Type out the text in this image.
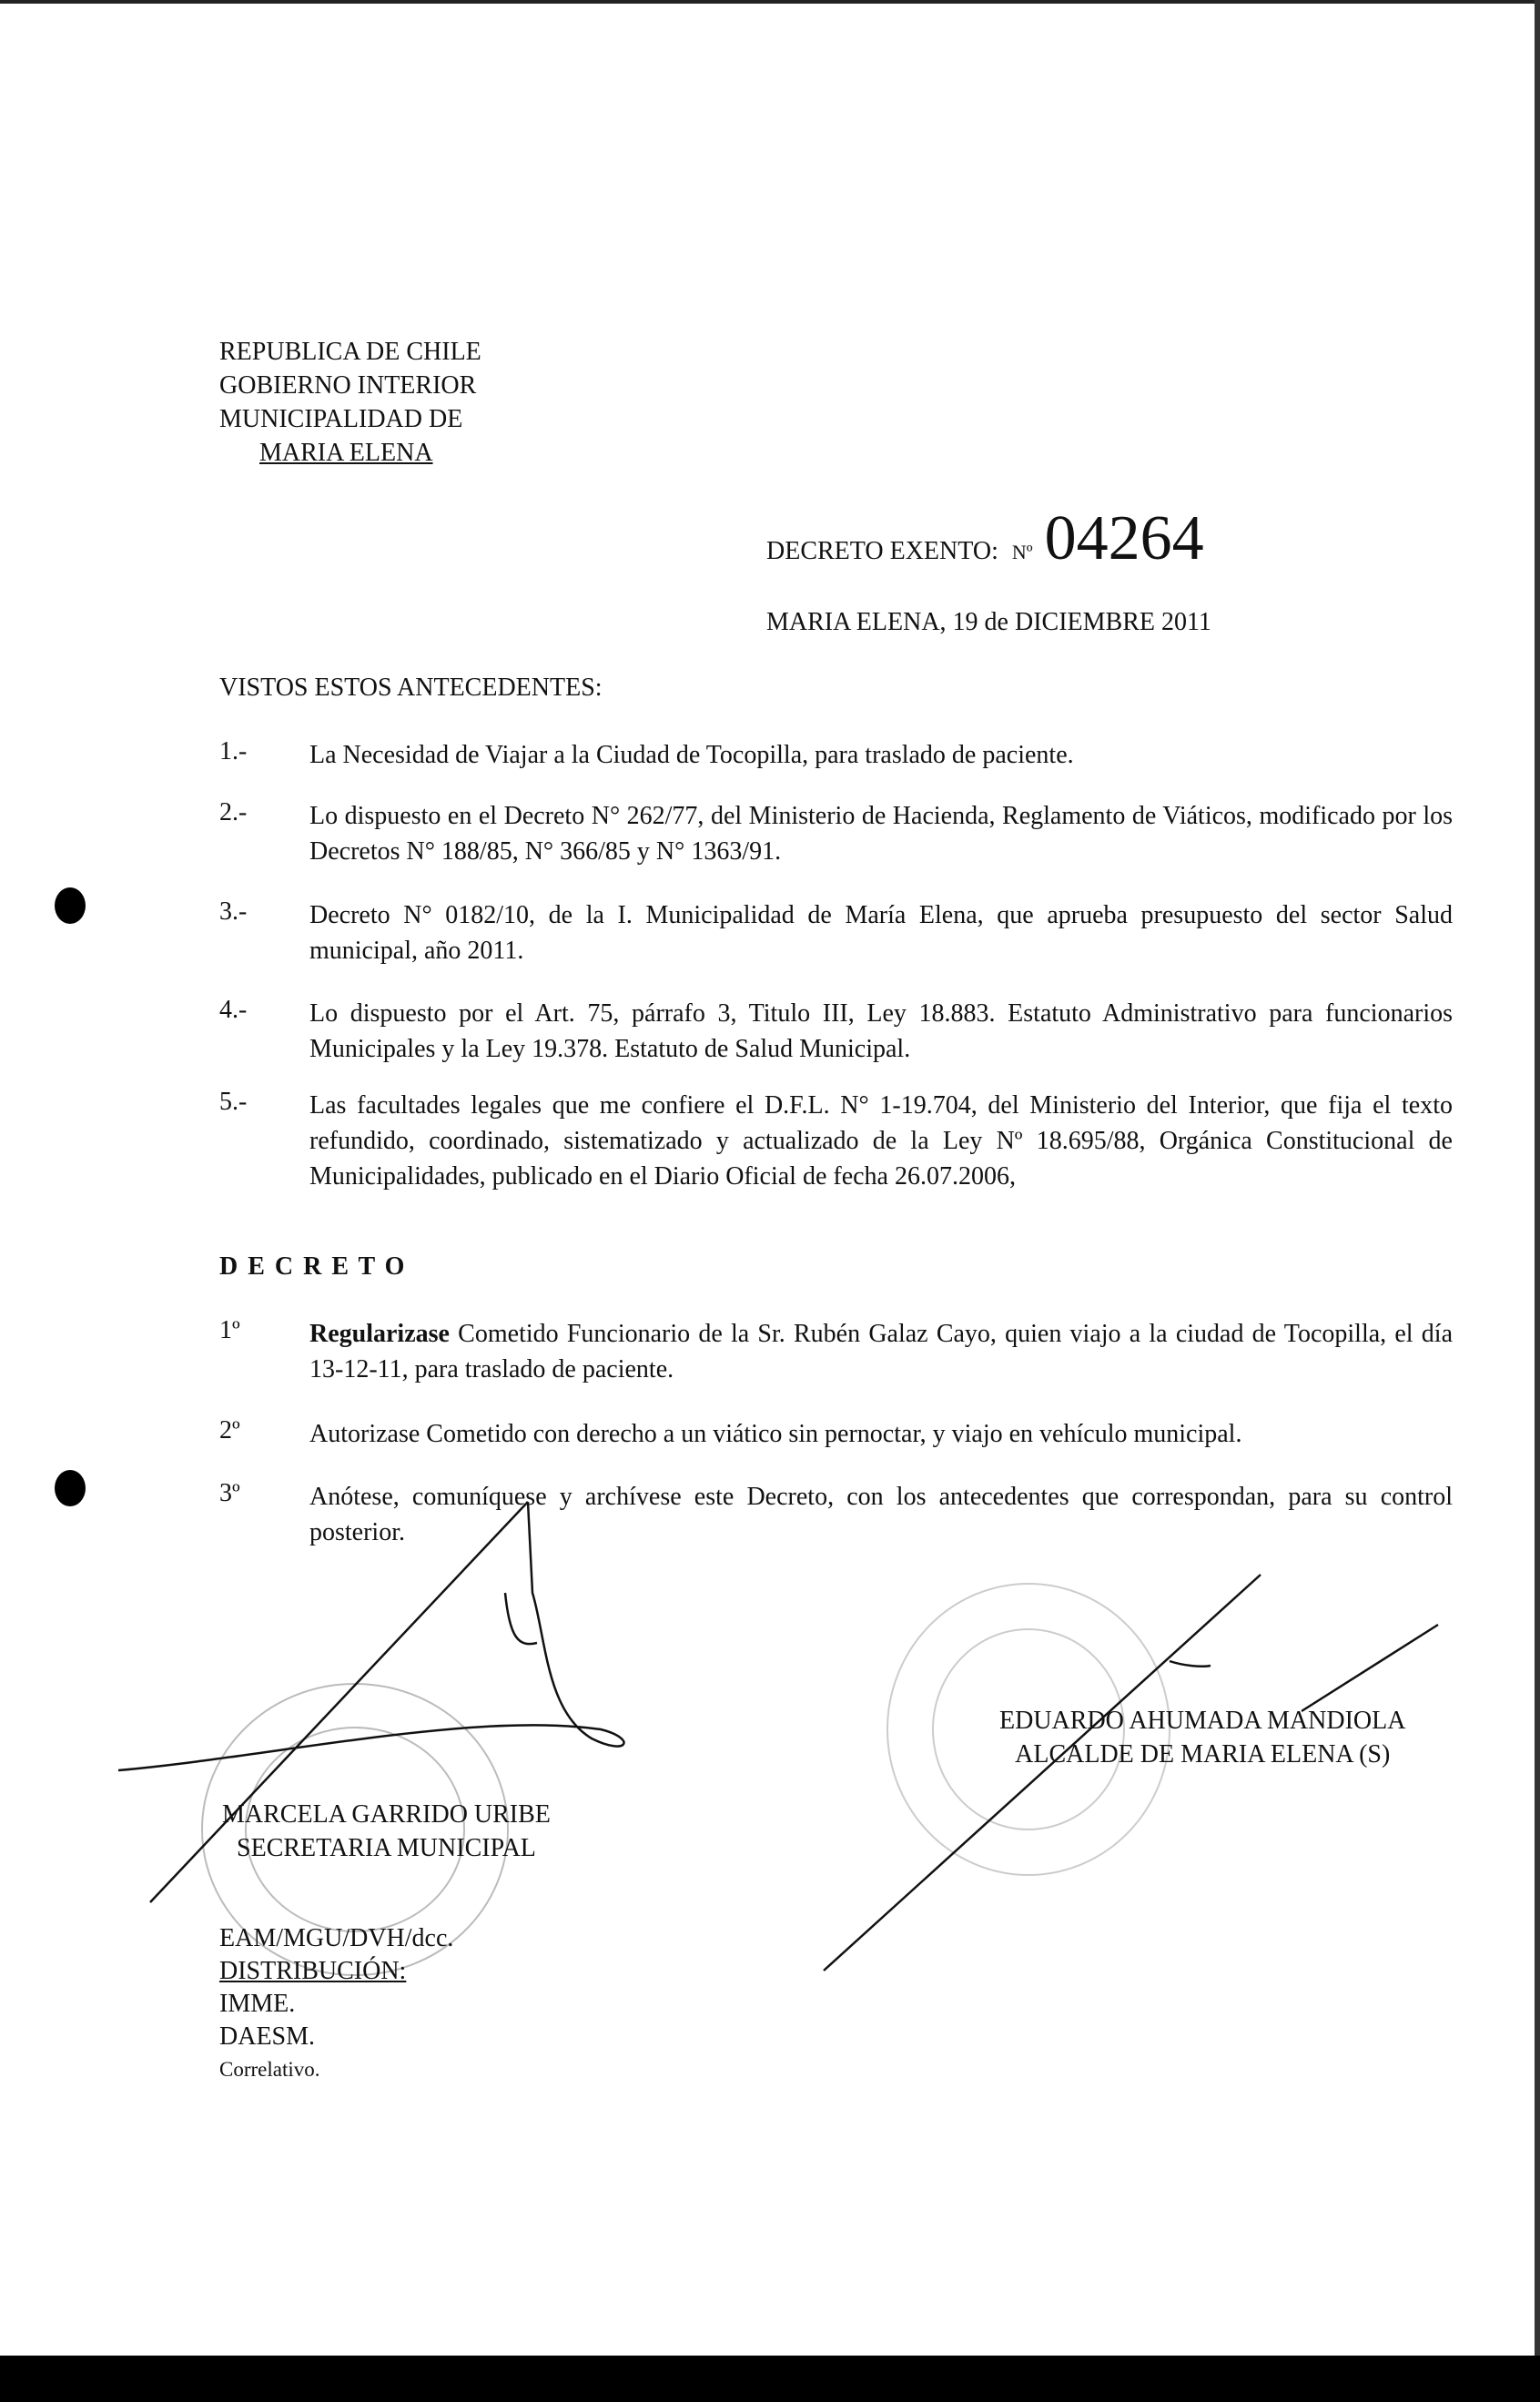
REPUBLICA DE CHILE
GOBIERNO INTERIOR
MUNICIPALIDAD DE
MARIA ELENA
DECRETO EXENTO: Nº 04264
MARIA ELENA, 19 de DICIEMBRE 2011
VISTOS ESTOS ANTECEDENTES:
1.- La Necesidad de Viajar a la Ciudad de Tocopilla, para traslado de paciente.
2.- Lo dispuesto en el Decreto N° 262/77, del Ministerio de Hacienda, Reglamento de Viáticos, modificado por los Decretos N° 188/85, N° 366/85 y N° 1363/91.
3.- Decreto N° 0182/10, de la I. Municipalidad de María Elena, que aprueba presupuesto del sector Salud municipal, año 2011.
4.- Lo dispuesto por el Art. 75, párrafo 3, Titulo III, Ley 18.883. Estatuto Administrativo para funcionarios Municipales y la Ley 19.378. Estatuto de Salud Municipal.
5.- Las facultades legales que me confiere el D.F.L. N° 1-19.704, del Ministerio del Interior, que fija el texto refundido, coordinado, sistematizado y actualizado de la Ley Nº 18.695/88, Orgánica Constitucional de Municipalidades, publicado en el Diario Oficial de fecha 26.07.2006,
D E C R E T O
1º	Regularizase Cometido Funcionario de la Sr. Rubén Galaz Cayo, quien viajo a la ciudad de Tocopilla, el día 13-12-11, para traslado de paciente.
2º	Autorizase Cometido con derecho a un viático sin pernoctar, y viajo en vehículo municipal.
3º	Anótese, comuníquese y archívese este Decreto, con los antecedentes que correspondan, para su control posterior.
EDUARDO AHUMADA MANDIOLA
ALCALDE DE MARIA ELENA (S)
MARCELA GARRIDO URIBE
SECRETARIA MUNICIPAL
EAM/MGU/DVH/dcc.
DISTRIBUCIÓN:
IMME.
DAESM.
Correlativo.
